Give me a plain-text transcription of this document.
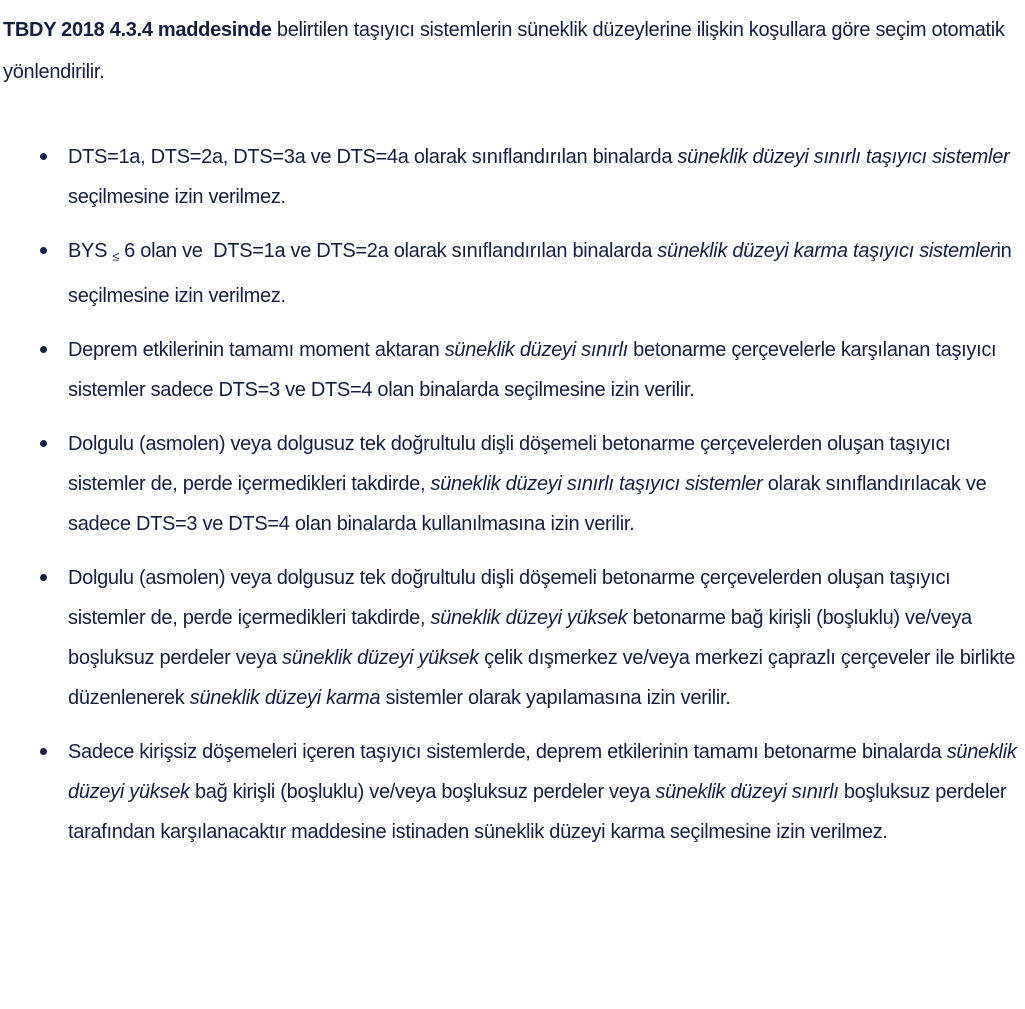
TBDY 2018 4.3.4 maddesinde belirtilen taşıyıcı sistemlerin süneklik düzeylerine ilişkin koşullara göre seçim otomatik yönlendirilir.

DTS=1a, DTS=2a, DTS=3a ve DTS=4a olarak sınıflandırılan binalarda süneklik düzeyi sınırlı taşıyıcı sistemler seçilmesine izin verilmez.
BYS ≤ 6 olan ve  DTS=1a ve DTS=2a olarak sınıflandırılan binalarda süneklik düzeyi karma taşıyıcı sistemlerin seçilmesine izin verilmez.
Deprem etkilerinin tamamı moment aktaran süneklik düzeyi sınırlı betonarme çerçevelerle karşılanan taşıyıcı sistemler sadece DTS=3 ve DTS=4 olan binalarda seçilmesine izin verilir.
Dolgulu (asmolen) veya dolgusuz tek doğrultulu dişli döşemeli betonarme çerçevelerden oluşan taşıyıcı sistemler de, perde içermedikleri takdirde, süneklik düzeyi sınırlı taşıyıcı sistemler olarak sınıflandırılacak ve sadece DTS=3 ve DTS=4 olan binalarda kullanılmasına izin verilir.
Dolgulu (asmolen) veya dolgusuz tek doğrultulu dişli döşemeli betonarme çerçevelerden oluşan taşıyıcı sistemler de, perde içermedikleri takdirde, süneklik düzeyi yüksek betonarme bağ kirişli (boşluklu) ve/veya boşluksuz perdeler veya süneklik düzeyi yüksek çelik dışmerkez ve/veya merkezi çaprazlı çerçeveler ile birlikte düzenlenerek süneklik düzeyi karma sistemler olarak yapılamasına izin verilir.
Sadece kirişsiz döşemeleri içeren taşıyıcı sistemlerde, deprem etkilerinin tamamı betonarme binalarda süneklik düzeyi yüksek bağ kirişli (boşluklu) ve/veya boşluksuz perdeler veya süneklik düzeyi sınırlı boşluksuz perdeler tarafından karşılanacaktır maddesine istinaden süneklik düzeyi karma seçilmesine izin verilmez.
